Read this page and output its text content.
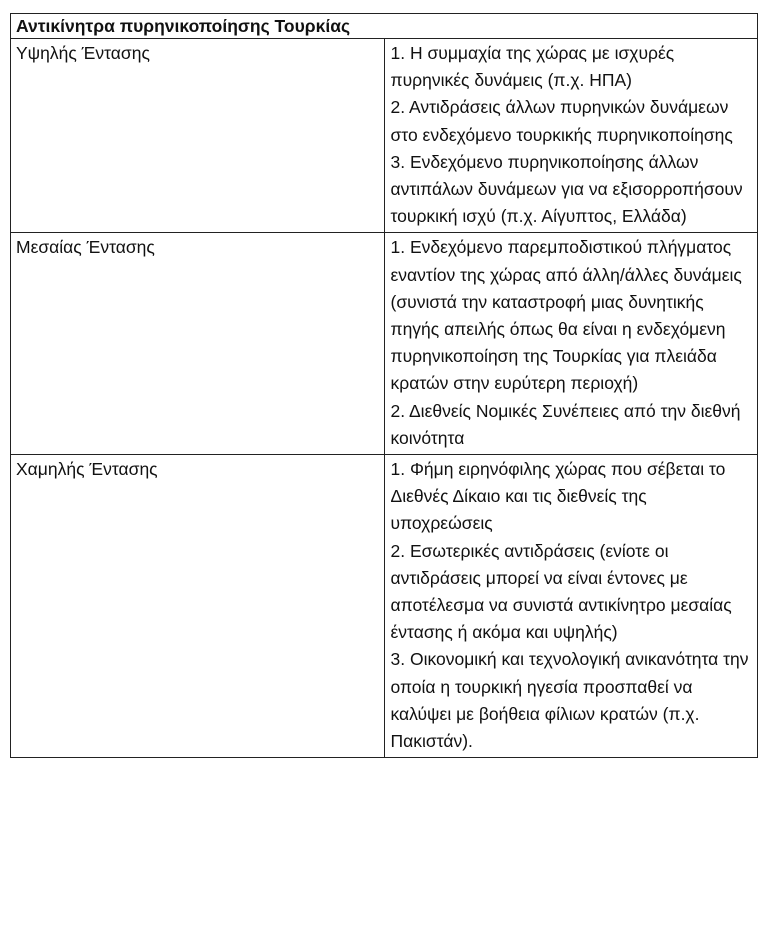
Αντικίνητρα πυρηνικοποίησης Τουρκίας	
Υψηλής Έντασης	1. Η συμμαχία της χώρας με ισχυρές πυρηνικές δυνάμεις (π.χ. ΗΠΑ)
2. Αντιδράσεις άλλων πυρηνικών δυνάμεων στο ενδεχόμενο τουρκικής πυρηνικοποίησης
3. Ενδεχόμενο πυρηνικοποίησης άλλων αντιπάλων δυνάμεων για να εξισορροπήσουν τουρκική ισχύ (π.χ. Αίγυπτος, Ελλάδα)

Μεσαίας Έντασης	1. Ενδεχόμενο παρεμποδιστικού πλήγματος εναντίον της χώρας από άλλη/άλλες δυνάμεις (συνιστά την καταστροφή μιας δυνητικής πηγής απειλής όπως θα είναι η ενδεχόμενη πυρηνικοποίηση της Τουρκίας για πλειάδα κρατών στην ευρύτερη περιοχή)
2. Διεθνείς Νομικές Συνέπειες από την διεθνή κοινότητα

Χαμηλής Έντασης	1. Φήμη ειρηνόφιλης χώρας που σέβεται το Διεθνές Δίκαιο και τις διεθνείς της υποχρεώσεις
2. Εσωτερικές αντιδράσεις (ενίοτε οι αντιδράσεις μπορεί να είναι έντονες με αποτέλεσμα να συνιστά αντικίνητρο μεσαίας έντασης ή ακόμα και υψηλής)
3. Οικονομική και τεχνολογική ανικανότητα την οποία η τουρκική ηγεσία προσπαθεί να καλύψει με βοήθεια φίλιων κρατών (π.χ. Πακιστάν).
